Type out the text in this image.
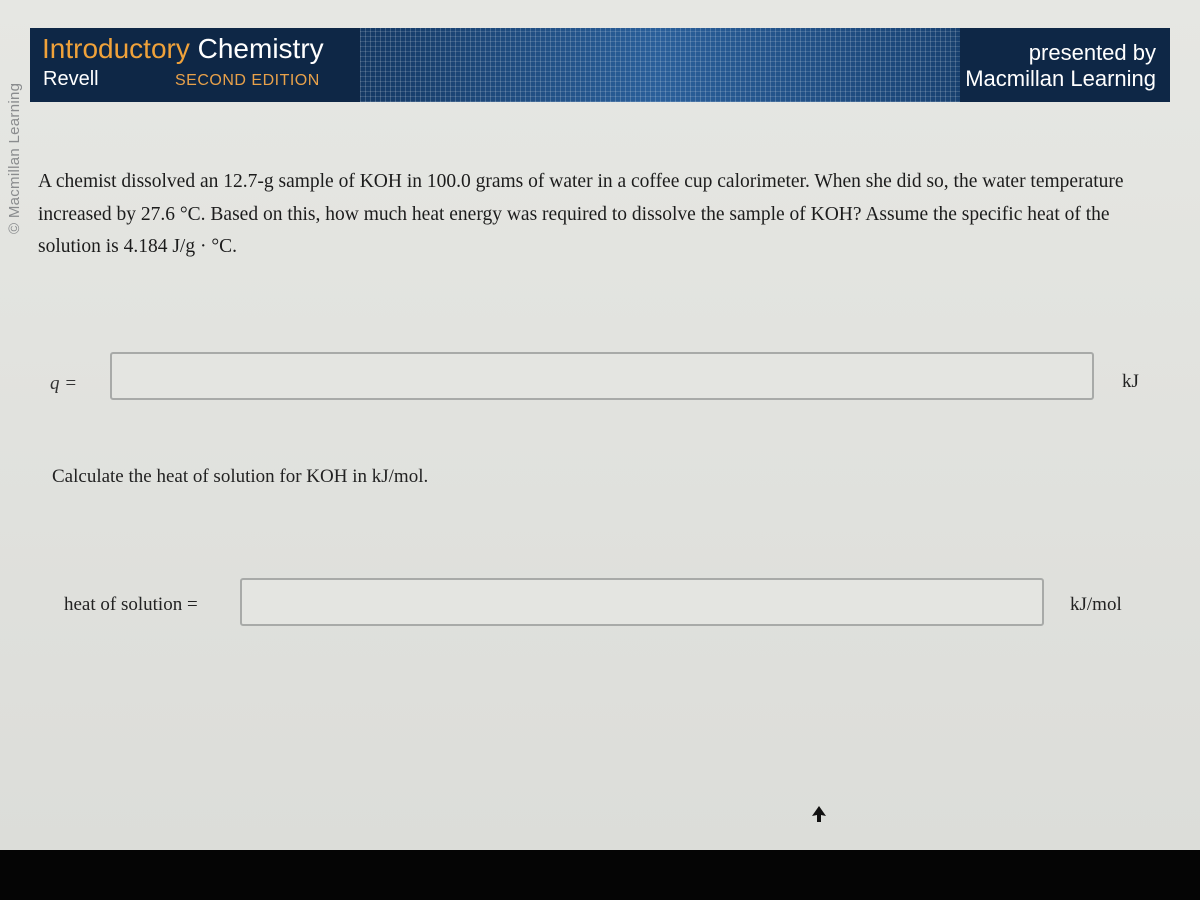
© Macmillan Learning
Introductory Chemistry
Revell	SECOND EDITION
presented by
Macmillan Learning
A chemist dissolved an 12.7-g sample of KOH in 100.0 grams of water in a coffee cup calorimeter. When she did so, the water temperature increased by 27.6 °C. Based on this, how much heat energy was required to dissolve the sample of KOH? Assume the specific heat of the solution is 4.184 J/g · °C.
q =	kJ
Calculate the heat of solution for KOH in kJ/mol.
heat of solution =	kJ/mol
